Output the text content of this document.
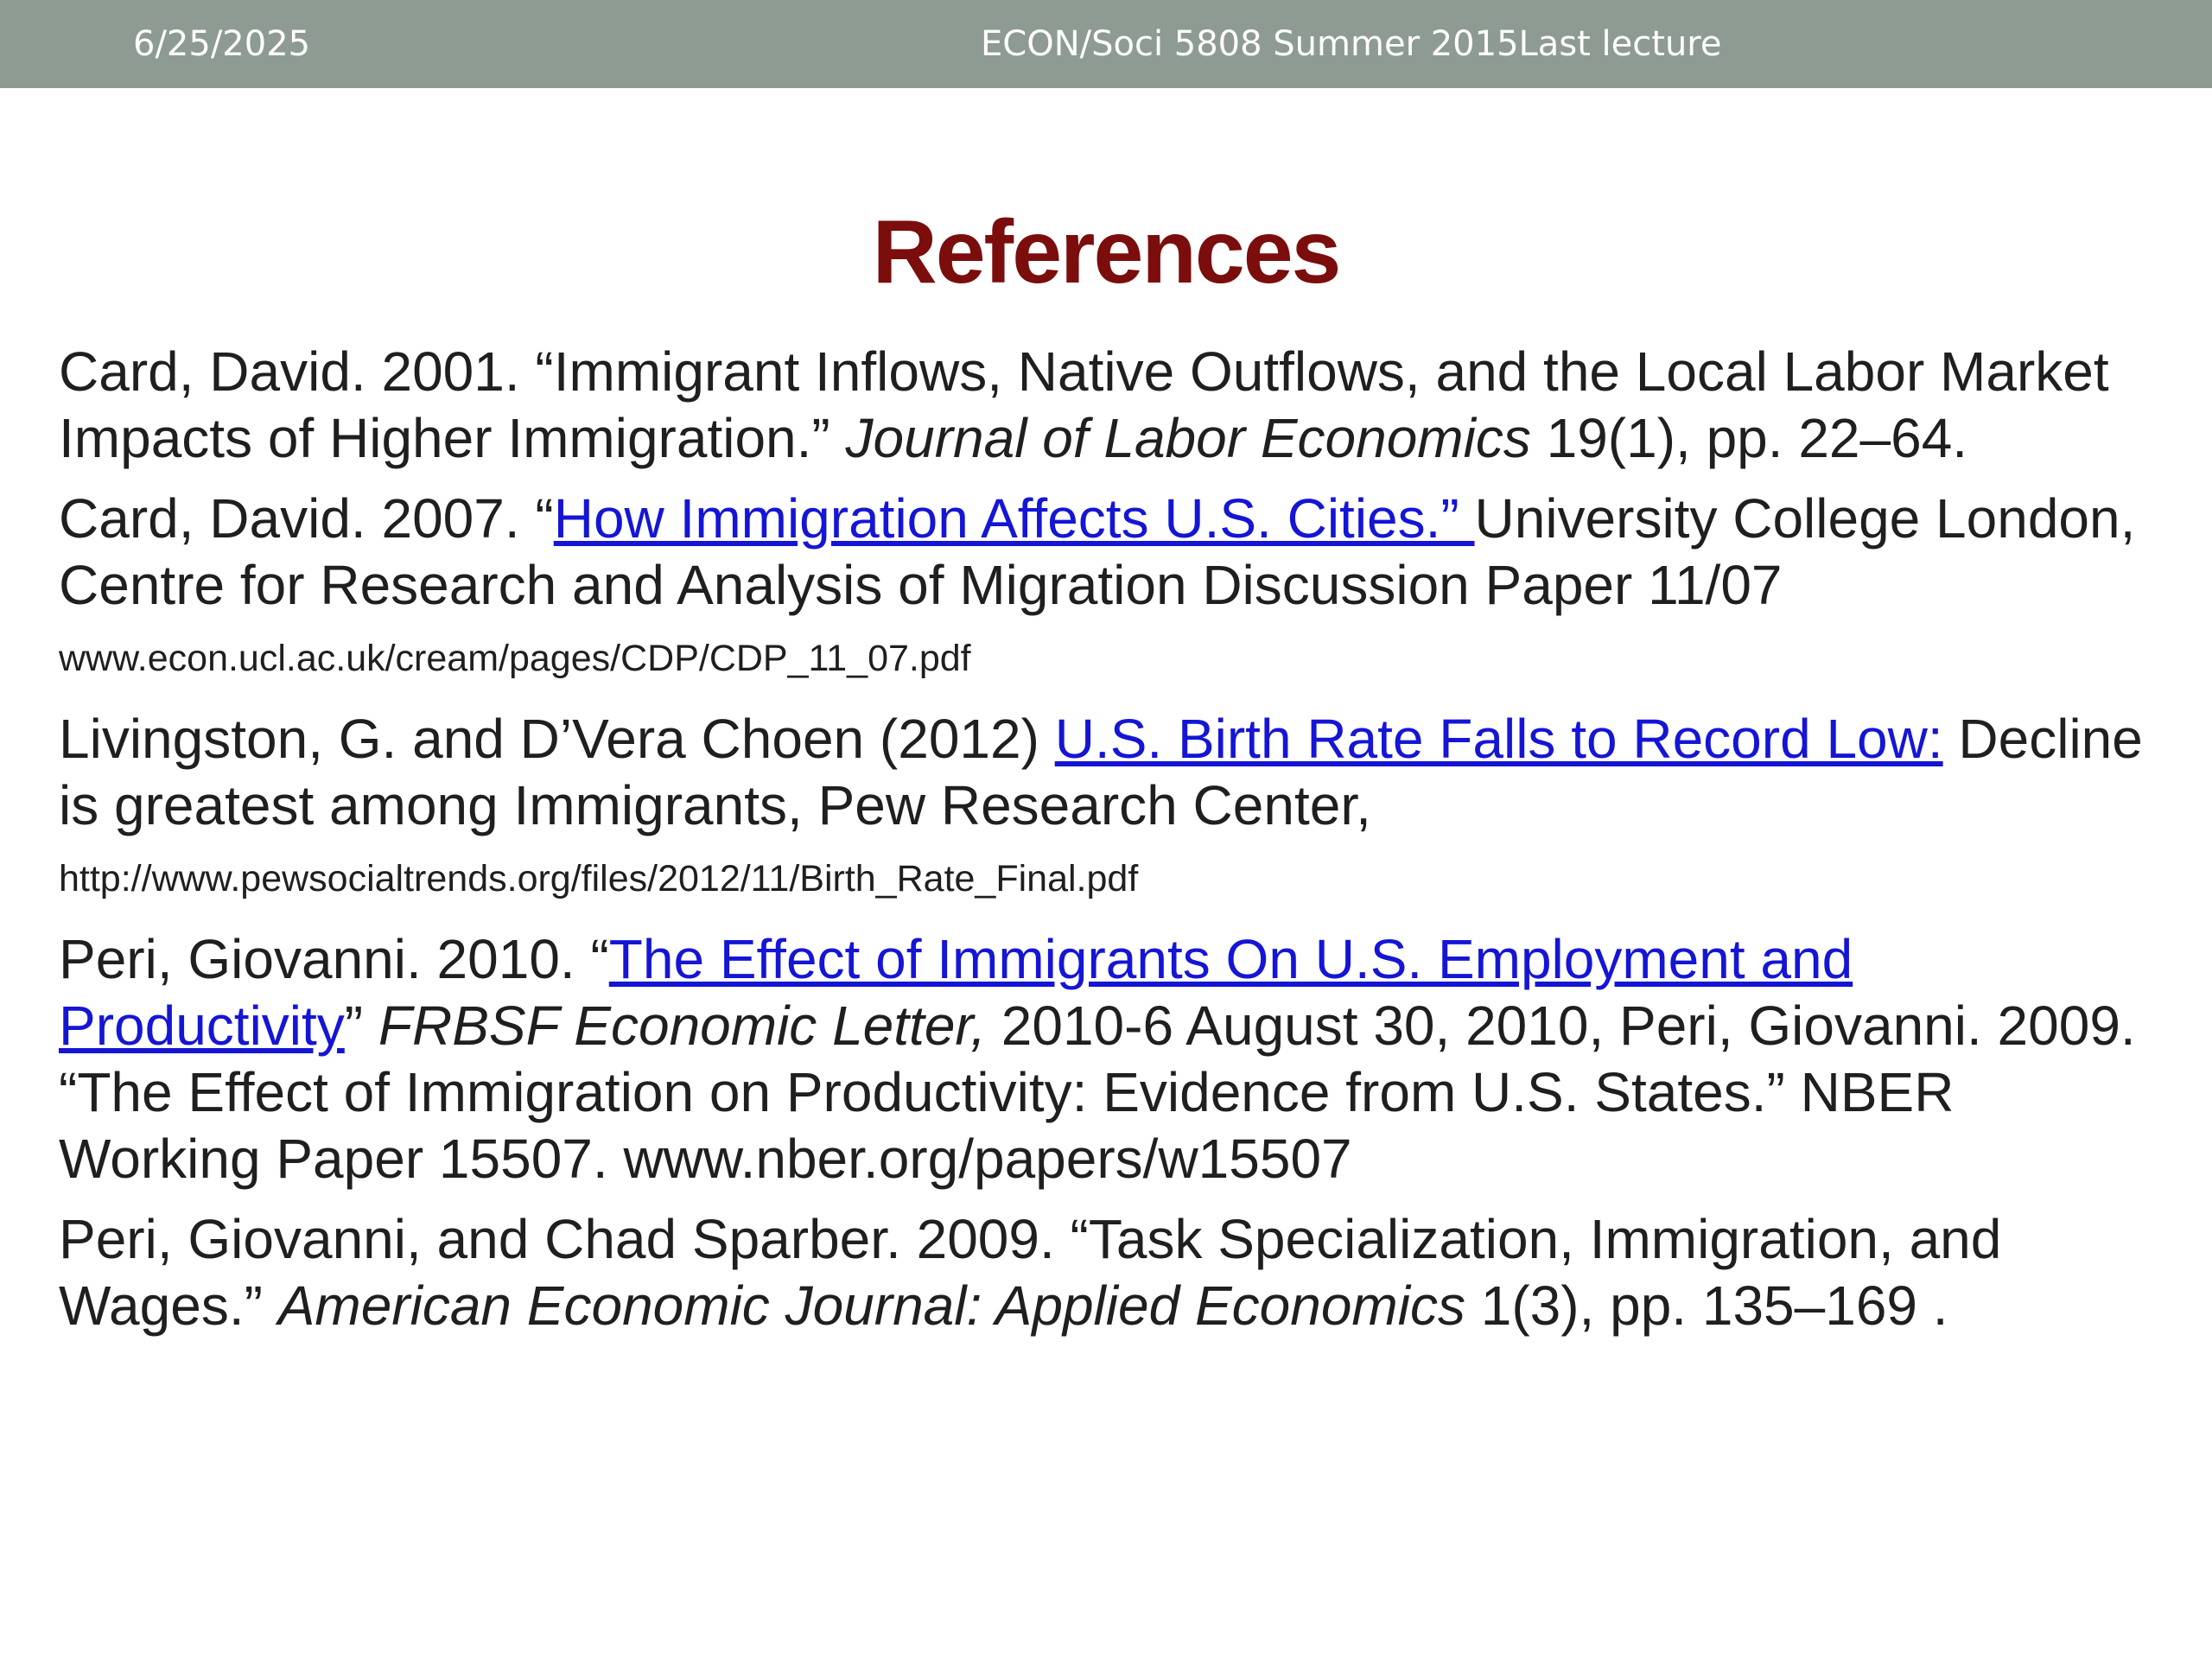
6/25/2025	ECON/Soci 5808 Summer 2015Last lecture
References

Card, David. 2001. “Immigrant Inflows, Native Outflows, and the Local Labor Market Impacts of Higher Immigration.” Journal of Labor Economics 19(1), pp. 22–64.

Card, David. 2007. “How Immigration Affects U.S. Cities.” University College London, Centre for Research and Analysis of Migration Discussion Paper 11/07 www.econ.ucl.ac.uk/cream/pages/CDP/CDP_11_07.pdf

Livingston, G. and D’Vera Choen (2012) U.S. Birth Rate Falls to Record Low: Decline is greatest among Immigrants, Pew Research Center,
http://www.pewsocialtrends.org/files/2012/11/Birth_Rate_Final.pdf

Peri, Giovanni. 2010. “The Effect of Immigrants On U.S. Employment and Productivity” FRBSF Economic Letter, 2010-6 August 30, 2010, Peri, Giovanni. 2009. “The Effect of Immigration on Productivity: Evidence from U.S. States.” NBER Working Paper 15507. www.nber.org/papers/w15507

Peri, Giovanni, and Chad Sparber. 2009. “Task Specialization, Immigration, and Wages.” American Economic Journal: Applied Economics 1(3), pp. 135–169 .
